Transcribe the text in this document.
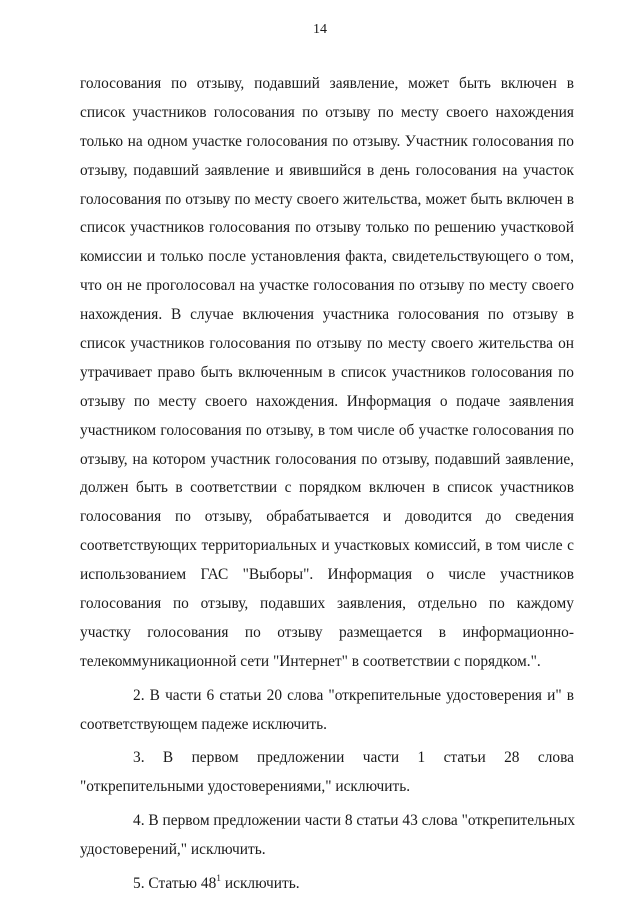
14
голосования по отзыву, подавший заявление, может быть включен в
список участников голосования по отзыву по месту своего нахождения
только на одном участке голосования по отзыву. Участник голосования по
отзыву, подавший заявление и явившийся в день голосования на участок
голосования по отзыву по месту своего жительства, может быть включен в
список участников голосования по отзыву только по решению участковой
комиссии и только после установления факта, свидетельствующего о том,
что он не проголосовал на участке голосования по отзыву по месту своего
нахождения. В случае включения участника голосования по отзыву в
список участников голосования по отзыву по месту своего жительства он
утрачивает право быть включенным в список участников голосования по
отзыву по месту своего нахождения. Информация о подаче заявления
участником голосования по отзыву, в том числе об участке голосования по
отзыву, на котором участник голосования по отзыву, подавший заявление,
должен быть в соответствии с порядком включен в список участников
голосования по отзыву, обрабатывается и доводится до сведения
соответствующих территориальных и участковых комиссий, в том числе с
использованием ГАС "Выборы". Информация о числе участников
голосования по отзыву, подавших заявления, отдельно по каждому
участку голосования по отзыву размещается в информационно-
телекоммуникационной сети "Интернет" в соответствии с порядком.".
2. В части 6 статьи 20 слова "открепительные удостоверения и" в
соответствующем падеже исключить.
3. В первом предложении части 1 статьи 28 слова
"открепительными удостоверениями," исключить.
4. В первом предложении части 8 статьи 43 слова "открепительных
удостоверений," исключить.
5. Статью $48^1$ исключить.
